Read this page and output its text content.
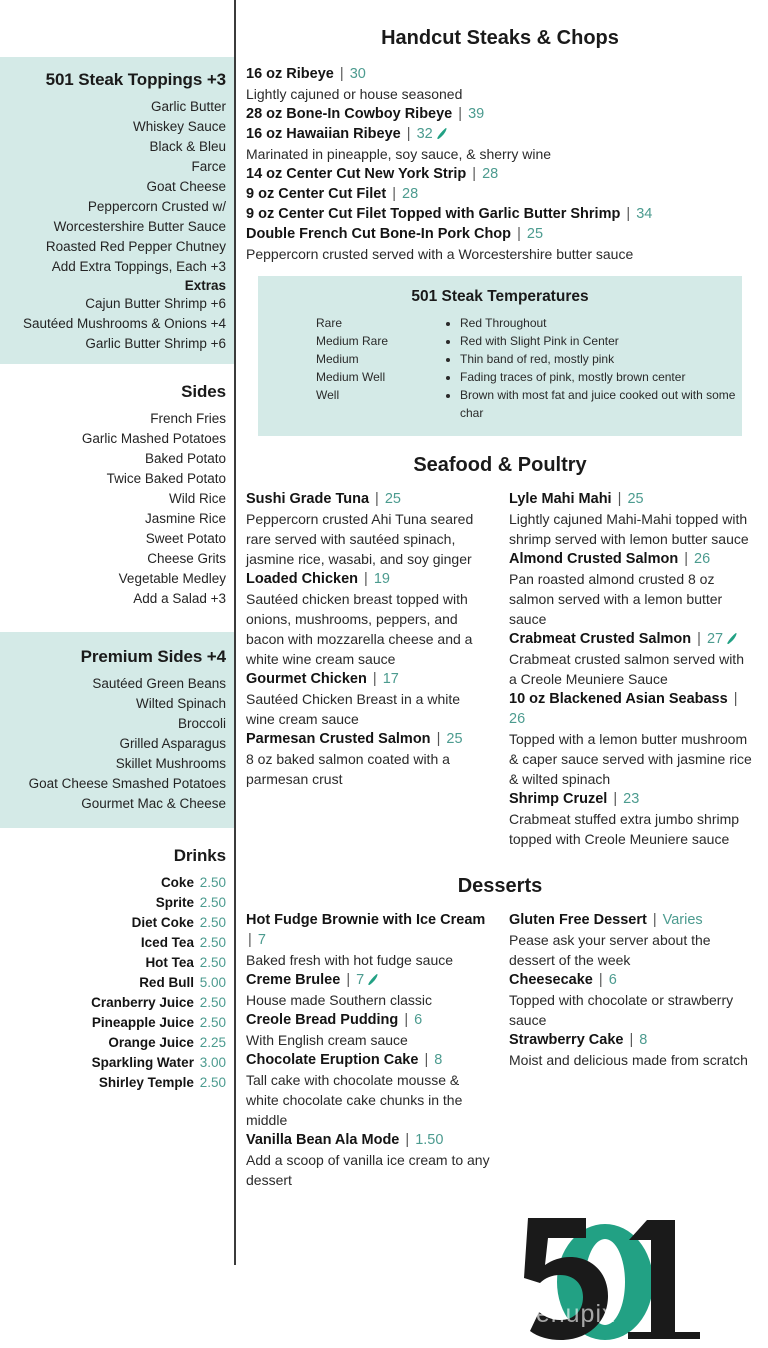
501 Steak Toppings +3
Garlic Butter
Whiskey Sauce
Black & Bleu
Farce
Goat Cheese
Peppercorn Crusted w/
Worcestershire Butter Sauce
Roasted Red Pepper Chutney
Add Extra Toppings, Each +3
Extras
Cajun Butter Shrimp +6
Sautéed Mushrooms & Onions +4
Garlic Butter Shrimp +6
Sides
French Fries
Garlic Mashed Potatoes
Baked Potato
Twice Baked Potato
Wild Rice
Jasmine Rice
Sweet Potato
Cheese Grits
Vegetable Medley
Add a Salad +3
Premium Sides +4
Sautéed Green Beans
Wilted Spinach
Broccoli
Grilled Asparagus
Skillet Mushrooms
Goat Cheese Smashed Potatoes
Gourmet Mac & Cheese
Drinks
Coke 2.50
Sprite 2.50
Diet Coke 2.50
Iced Tea 2.50
Hot Tea 2.50
Red Bull 5.00
Cranberry Juice 2.50
Pineapple Juice 2.50
Orange Juice 2.25
Sparkling Water 3.00
Shirley Temple 2.50
Handcut Steaks & Chops
16 oz Ribeye | 30
Lightly cajuned or house seasoned
28 oz Bone-In Cowboy Ribeye | 39
16 oz Hawaiian Ribeye | 32
Marinated in pineapple, soy sauce, & sherry wine
14 oz Center Cut New York Strip | 28
9 oz Center Cut Filet | 28
9 oz Center Cut Filet Topped with Garlic Butter Shrimp | 34
Double French Cut Bone-In Pork Chop | 25
Peppercorn crusted served with a Worcestershire butter sauce
501 Steak Temperatures
Rare
Medium Rare
Medium
Medium Well
Well
• Red Throughout
• Red with Slight Pink in Center
• Thin band of red, mostly pink
• Fading traces of pink, mostly brown center
• Brown with most fat and juice cooked out with some char
Seafood & Poultry
Sushi Grade Tuna | 25
Peppercorn crusted Ahi Tuna seared rare served with sautéed spinach, jasmine rice, wasabi, and soy ginger
Loaded Chicken | 19
Sautéed chicken breast topped with onions, mushrooms, peppers, and bacon with mozzarella cheese and a white wine cream sauce
Gourmet Chicken | 17
Sautéed Chicken Breast in a white wine cream sauce
Parmesan Crusted Salmon | 25
8 oz baked salmon coated with a parmesan crust
Lyle Mahi Mahi | 25
Lightly cajuned Mahi-Mahi topped with shrimp served with lemon butter sauce
Almond Crusted Salmon | 26
Pan roasted almond crusted 8 oz salmon served with a lemon butter sauce
Crabmeat Crusted Salmon | 27
Crabmeat crusted salmon served with a Creole Meuniere Sauce
10 oz Blackened Asian Seabass | 26
Topped with a lemon butter mushroom & caper sauce served with jasmine rice & wilted spinach
Shrimp Cruzel | 23
Crabmeat stuffed extra jumbo shrimp topped with Creole Meuniere sauce
Desserts
Hot Fudge Brownie with Ice Cream | 7
Baked fresh with hot fudge sauce
Creme Brulee | 7
House made Southern classic
Creole Bread Pudding | 6
With English cream sauce
Chocolate Eruption Cake | 8
Tall cake with chocolate mousse & white chocolate cake chunks in the middle
Vanilla Bean Ala Mode | 1.50
Add a scoop of vanilla ice cream to any dessert
Gluten Free Dessert | Varies
Pease ask your server about the dessert of the week
Cheesecake | 6
Topped with chocolate or strawberry sauce
Strawberry Cake | 8
Moist and delicious made from scratch
menupix
